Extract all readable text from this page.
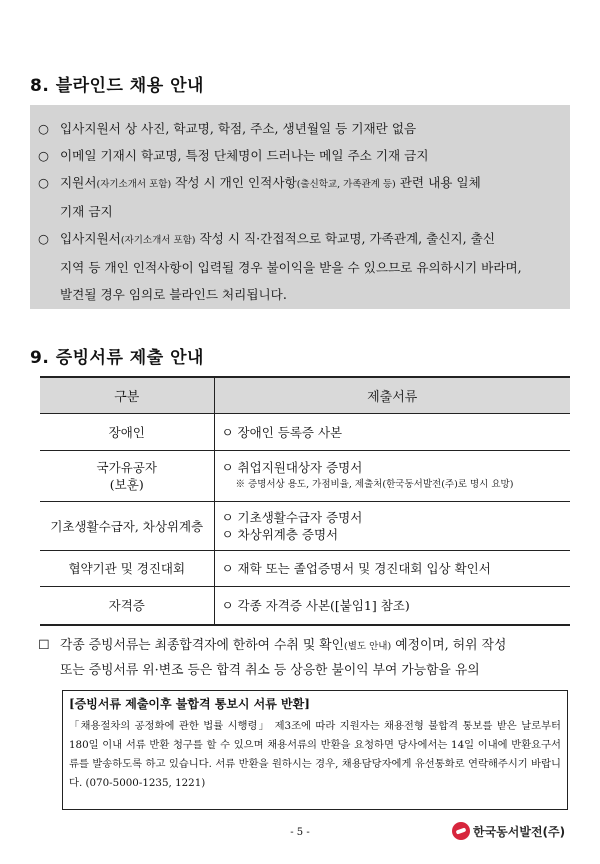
8. 블라인드 채용 안내
○ 입사지원서 상 사진, 학교명, 학점, 주소, 생년월일 등 기재란 없음
○ 이메일 기재시 학교명, 특정 단체명이 드러나는 메일 주소 기재 금지
○ 지원서(자기소개서 포함) 작성 시 개인 인적사항(출신학교, 가족관계 등) 관련 내용 일체
기재 금지
○ 입사지원서(자기소개서 포함) 작성 시 직·간접적으로 학교명, 가족관계, 출신지, 출신
지역 등 개인 인적사항이 입력될 경우 불이익을 받을 수 있으므로 유의하시기 바라며,
발견될 경우 임의로 블라인드 처리됩니다.
9. 증빙서류 제출 안내
구분	제출서류
장애인	ㅇ 장애인 등록증 사본
국가유공자
(보훈)	ㅇ 취업지원대상자 증명서
※ 증명서상 용도, 가점비율, 제출처(한국동서발전(주)로 명시 요망)

기초생활수급자, 차상위계층	ㅇ 기초생활수급자 증명서
ㅇ 차상위계층 증명서
협약기관 및 경진대회	ㅇ 재학 또는 졸업증명서 및 경진대회 입상 확인서
자격증	ㅇ 각종 자격증 사본([붙임1] 참조)
☐ 각종 증빙서류는 최종합격자에 한하여 수취 및 확인(별도 안내) 예정이며, 허위 작성
또는 증빙서류 위·변조 등은 합격 취소 등 상응한 불이익 부여 가능함을 유의
[증빙서류 제출이후 불합격 통보시 서류 반환]
「채용절차의 공정화에 관한 법률 시행령」 제3조에 따라 지원자는 채용전형 불합격 통보를 받은 날로부터 180일 이내 서류 반환 청구를 할 수 있으며 채용서류의 반환을 요청하면 당사에서는 14일 이내에 반환요구서류를 발송하도록 하고 있습니다. 서류 반환을 원하시는 경우, 채용담당자에게 유선통화로 연락해주시기 바랍니다. (070-5000-1235, 1221)
- 5 -	한국동서발전(주)
